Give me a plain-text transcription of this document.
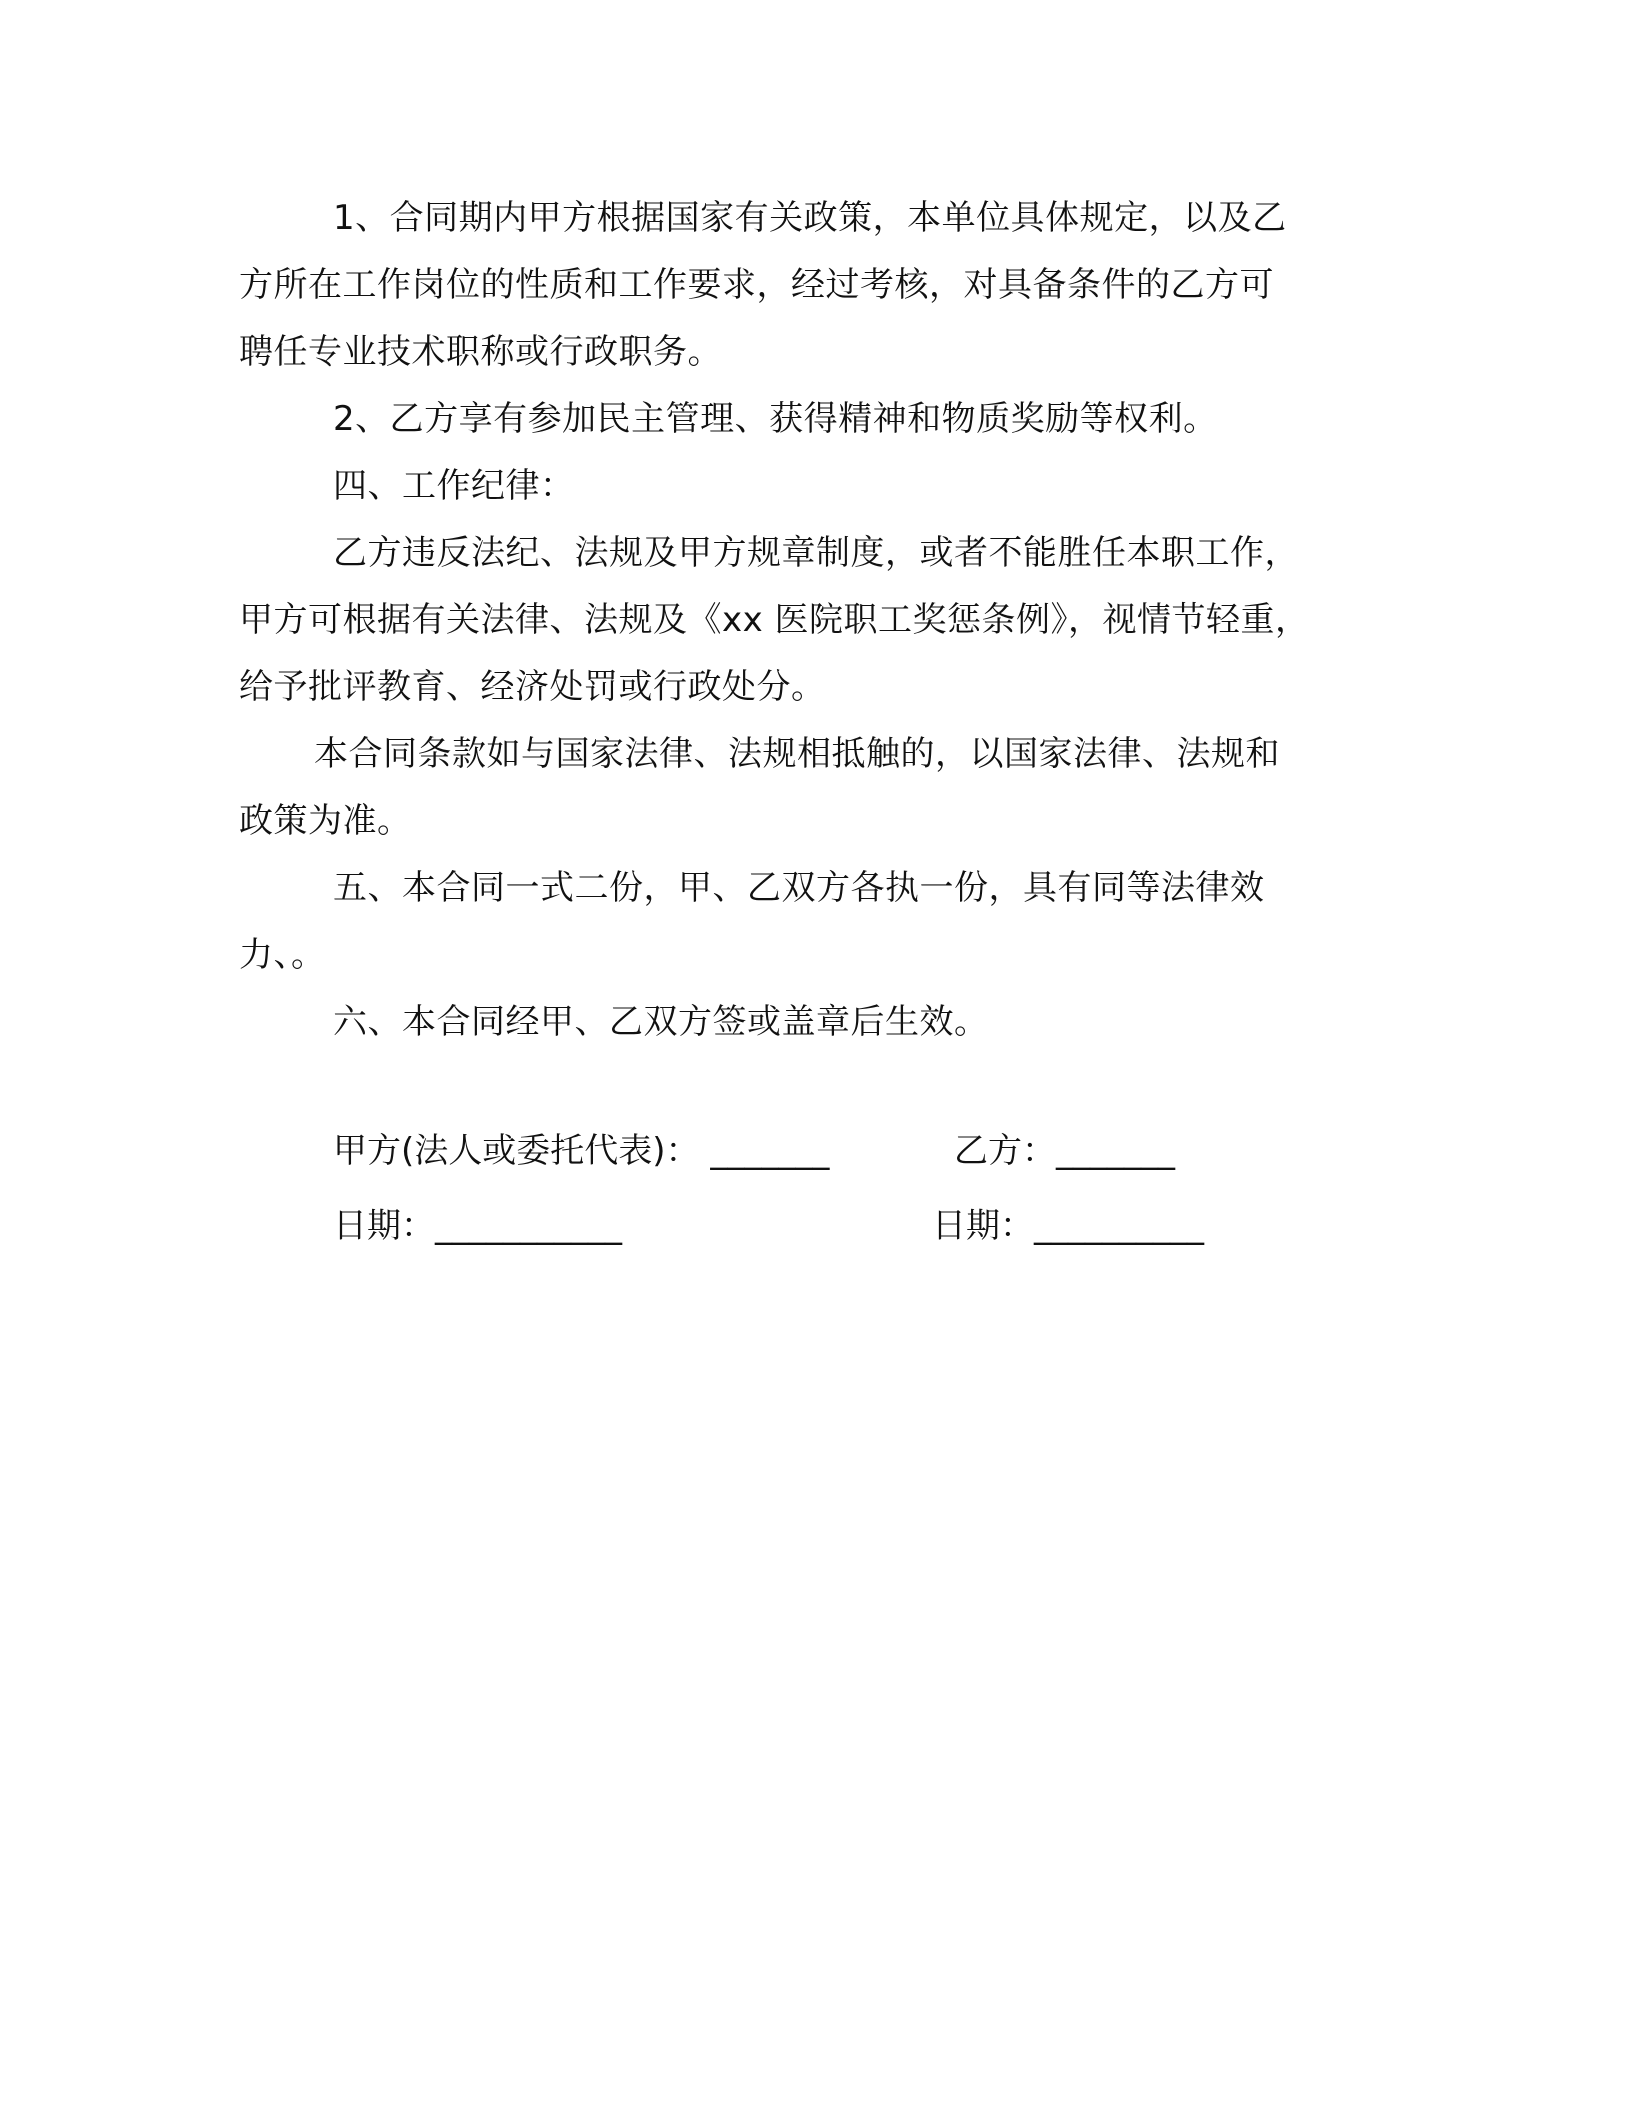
1、合同期内甲方根据国家有关政策，本单位具体规定，以及乙
方所在工作岗位的性质和工作要求，经过考核，对具备条件的乙方可
聘任专业技术职称或行政职务。
2、乙方享有参加民主管理、获得精神和物质奖励等权利。
四、工作纪律：
乙方违反法纪、法规及甲方规章制度，或者不能胜任本职工作，
甲方可根据有关法律、法规及《xx 医院职工奖惩条例》，视情节轻重，
给予批评教育、经济处罚或行政处分。
本合同条款如与国家法律、法规相抵触的，以国家法律、法规和
政策为准。
五、本合同一式二份，甲、乙双方各执一份，具有同等法律效
力、。
六、本合同经甲、乙双方签或盖章后生效。
甲方(法人或委托代表)： _______	乙方：_______
日期：___________	日期：__________
